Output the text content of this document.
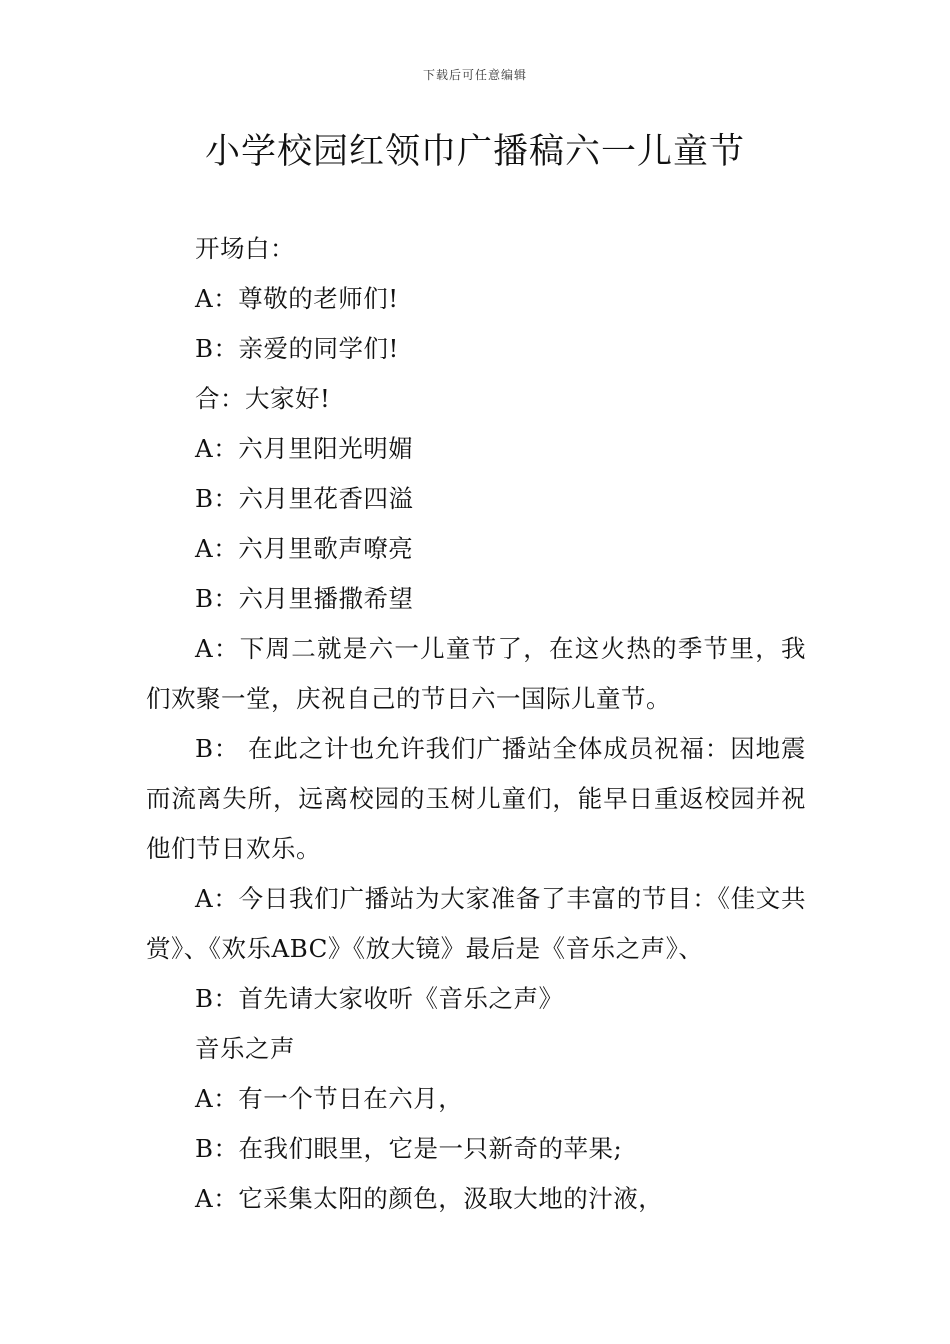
下载后可任意编辑
小学校园红领巾广播稿六一儿童节

开场白：

A：尊敬的老师们!

B：亲爱的同学们!

合：大家好!

A：六月里阳光明媚

B：六月里花香四溢

A：六月里歌声嘹亮

B：六月里播撒希望

A：下周二就是六一儿童节了，在这火热的季节里，我们欢聚一堂，庆祝自己的节日六一国际儿童节。

B： 在此之计也允许我们广播站全体成员祝福：因地震而流离失所，远离校园的玉树儿童们，能早日重返校园并祝他们节日欢乐。

A：今日我们广播站为大家准备了丰富的节目：《佳文共赏》、《欢乐ABC》《放大镜》最后是《音乐之声》、

B：首先请大家收听《音乐之声》

音乐之声

A：有一个节日在六月，

B：在我们眼里，它是一只新奇的苹果;

A：它采集太阳的颜色，汲取大地的汁液，
